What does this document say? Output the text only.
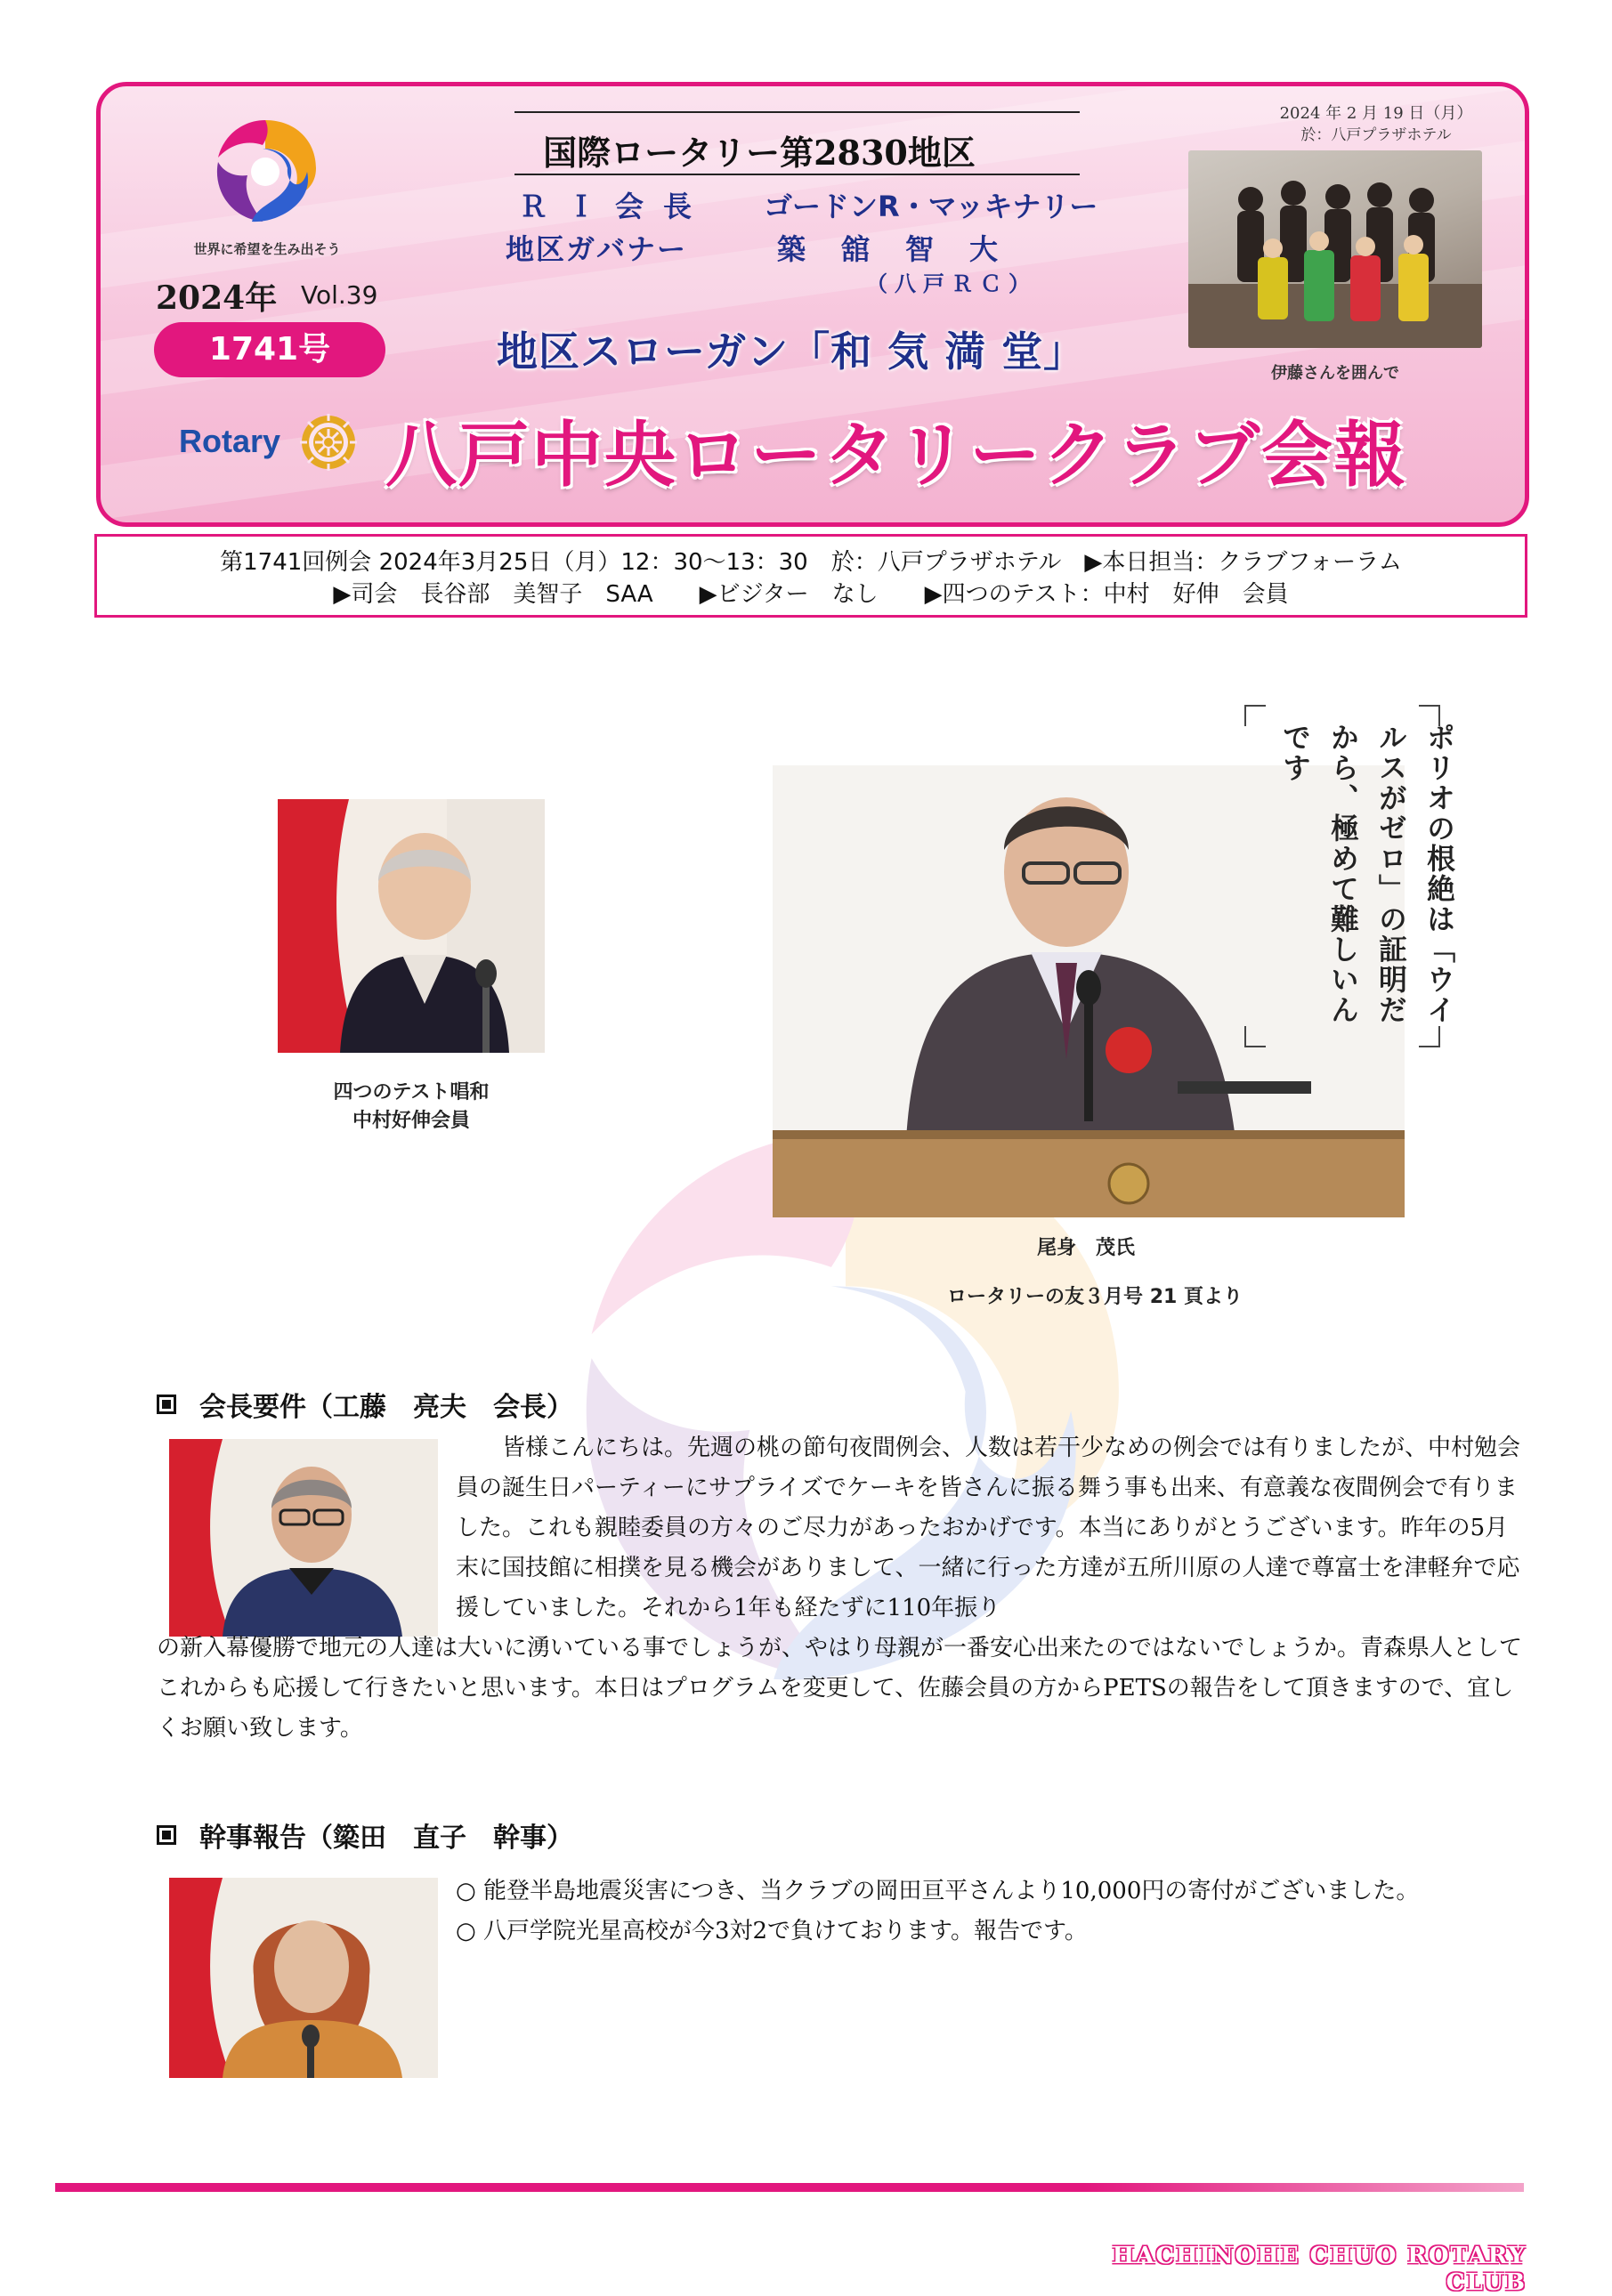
世界に希望を生み出そう
2024年 Vol.39
1741号
Rotary
国際ロータリー第2830地区
ＲＩ会長 ゴードンR・マッキナリー
地区ガバナー	築舘智大
（八戸ＲＣ）
地区スローガン「和 気 満 堂」
八戸中央ロータリークラブ会報
2024 年 2 月 19 日（月）
於：八戸プラザホテル
伊藤さんを囲んで
第1741回例会 2024年3月25日（月）12：30〜13：30　於：八戸プラザホテル　▶本日担当：クラブフォーラム
▶司会　長谷部　美智子　SAA　　▶ビジター　なし　　▶四つのテスト：中村　好伸　会員
四つのテスト唱和
中村好伸会員
尾身　茂氏
ロータリーの友３月号 21 頁より
ポリオの根絶は「ウイルスがゼロ」の証明だから、極めて難しいんです
会長要件（工藤　亮夫　会長）
皆様こんにちは。先週の桃の節句夜間例会、人数は若干少なめの例会では有りましたが、中村勉会員の誕生日パーティーにサプライズでケーキを皆さんに振る舞う事も出来、有意義な夜間例会で有りました。これも親睦委員の方々のご尽力があったおかげです。本当にありがとうございます。昨年の5月末に国技館に相撲を見る機会がありまして、一緒に行った方達が五所川原の人達で尊富士を津軽弁で応援していました。それから1年も経たずに110年振り
の新入幕優勝で地元の人達は大いに湧いている事でしょうが、やはり母親が一番安心出来たのではないでしょうか。青森県人としてこれからも応援して行きたいと思います。本日はプログラムを変更して、佐藤会員の方からPETSの報告をして頂きますので、宜しくお願い致します。
幹事報告（簗田　直子　幹事）
○ 能登半島地震災害につき、当クラブの岡田亘平さんより10,000円の寄付がございました。
○ 八戸学院光星高校が今3対2で負けております。報告です。
HACHINOHE CHUO ROTARY CLUB
